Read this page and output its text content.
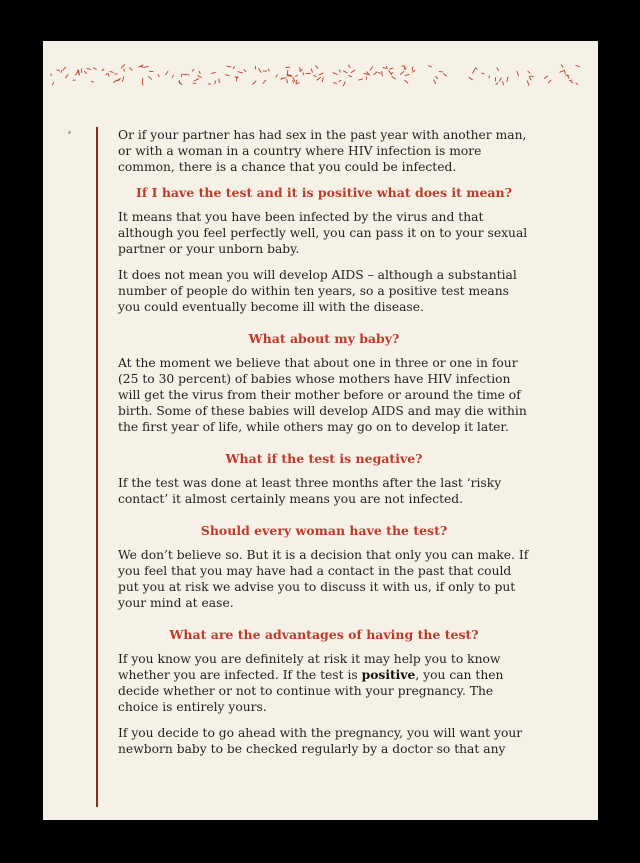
Or if your partner has had sex in the past year with another man, or with a woman in a country where HIV infection is more common, there is a chance that you could be infected.

If I have the test and it is positive what does it mean?

It means that you have been infected by the virus and that although you feel perfectly well, you can pass it on to your sexual partner or your unborn baby.

It does not mean you will develop AIDS – although a substantial number of people do within ten years, so a positive test means you could eventually become ill with the disease.

What about my baby?

At the moment we believe that about one in three or one in four (25 to 30 percent) of babies whose mothers have HIV infection will get the virus from their mother before or around the time of birth. Some of these babies will develop AIDS and may die within the first year of life, while others may go on to develop it later.

What if the test is negative?

If the test was done at least three months after the last ‘risky contact’ it almost certainly means you are not infected.

Should every woman have the test?

We don’t believe so. But it is a decision that only you can make. If you feel that you may have had a contact in the past that could put you at risk we advise you to discuss it with us, if only to put your mind at ease.

What are the advantages of having the test?

If you know you are definitely at risk it may help you to know whether you are infected. If the test is positive, you can then decide whether or not to continue with your pregnancy. The choice is entirely yours.

If you decide to go ahead with the pregnancy, you will want your newborn baby to be checked regularly by a doctor so that any
